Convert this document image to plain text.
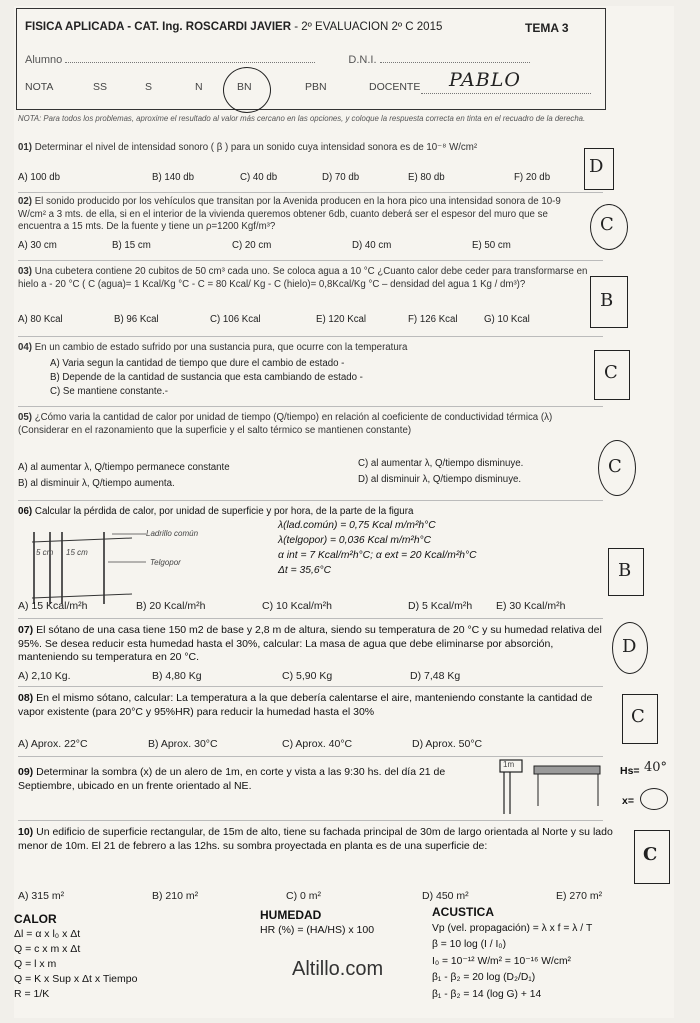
FISICA APLICADA - CAT. Ing. ROSCARDI JAVIER - 2º EVALUACION 2º C 2015	TEMA 3
Alumno	D.N.I.
NOTA	SS	S	N	BN	PBN	DOCENTE PABLO
NOTA: Para todos los problemas, aproxime el resultado al valor más cercano en las opciones, y coloque la respuesta correcta en tinta en el recuadro de la derecha.

01) Determinar el nivel de intensidad sonoro ( β ) para un sonido cuya intensidad sonora es de 10⁻⁸ W/cm²

A) 100 db	B) 140 db	C) 40 db	D) 70 db	E) 80 db	F) 20 db
D

02) El sonido producido por los vehículos que transitan por la Avenida producen en la hora pico una intensidad sonora de 10-9 W/cm² a 3 mts. de ella, si en el interior de la vivienda queremos obtener 6db, cuanto deberá ser el espesor del muro que se encuentra a 15 mts. De la fuente y tiene un ρ=1200 Kgf/m³?

A) 30 cm	B) 15 cm	C) 20 cm	D) 40 cm	E) 50 cm
C

03) Una cubetera contiene 20 cubitos de 50 cm³ cada uno. Se coloca agua a 10 °C ¿Cuanto calor debe ceder para transformarse en hielo a - 20 °C ( C (agua)= 1 Kcal/Kg °C - C = 80 Kcal/ Kg - C (hielo)= 0,8Kcal/Kg °C – densidad del agua 1 Kg / dm³)?

A) 80 Kcal	B) 96 Kcal	C) 106 Kcal	E) 120 Kcal	F) 126 Kcal	G) 10 Kcal
B

04) En un cambio de estado sufrido por una sustancia pura, que ocurre con la temperatura

A) Varia segun la cantidad de tiempo que dure el cambio de estado -
B) Depende de la cantidad de sustancia que esta cambiando de estado -
C) Se mantiene constante.-
C

05) ¿Cómo varia la cantidad de calor por unidad de tiempo (Q/tiempo) en relación al coeficiente de conductividad térmica (λ) (Considerar en el razonamiento que la superficie y el salto térmico se mantienen constante)

A) al aumentar λ, Q/tiempo permanece constante	C) al aumentar λ, Q/tiempo disminuye.
B) al disminuir λ, Q/tiempo aumenta.	D) al disminuir λ, Q/tiempo disminuye.
C

06) Calcular la pérdida de calor, por unidad de superficie y por hora, de la parte de la figura

Ladrillo común
Telgopor
5 cm 15 cm
λ(lad.común) = 0,75 Kcal m/m²h°C
λ(telgopor) = 0,036 Kcal m/m²h°C
α int = 7 Kcal/m²h°C; α ext = 20 Kcal/m²h°C
Δt = 35,6°C
A) 15 Kcal/m²h	B) 20 Kcal/m²h	C) 10 Kcal/m²h	D) 5 Kcal/m²h E) 30 Kcal/m²h
B

07) El sótano de una casa tiene 150 m2 de base y 2,8 m de altura, siendo su temperatura de 20 °C y su humedad relativa del 95%. Se desea reducir esta humedad hasta el 30%, calcular: La masa de agua que debe eliminarse por absorción, manteniendo su temperatura en 20 °C.

A) 2,10 Kg.	B) 4,80 Kg	C) 5,90 Kg	D) 7,48 Kg
D

08) En el mismo sótano, calcular: La temperatura a la que debería calentarse el aire, manteniendo constante la cantidad de vapor existente (para 20°C y 95%HR) para reducir la humedad hasta el 30%

A) Aprox. 22°C	B) Aprox. 30°C	C) Aprox. 40°C	D) Aprox. 50°C
C

09) Determinar la sombra (x) de un alero de 1m, en corte y vista a las 9:30 hs. del día 21 de Septiembre, ubicado en un frente orientado al NE.

1m
Hs= 40°
x=

10) Un edificio de superficie rectangular, de 15m de alto, tiene su fachada principal de 30m de largo orientada al Norte y su lado menor de 10m. El 21 de febrero a las 12hs. su sombra proyectada en planta es de una superficie de:

A) 315 m²	B) 210 m²	C) 0 m²	D) 450 m²	E) 270 m²
C
CALOR
Δl = α x l₀ x Δt
Q = c x m x Δt
Q = l x m
Q = K x Sup x Δt x Tiempo
R = 1/K
HUMEDAD
HR (%) = (HA/HS) x 100
ACUSTICA
Vp (vel. propagación) = λ x f = λ / T
β = 10 log (I / I₀)
I₀ = 10⁻¹² W/m² = 10⁻¹⁶ W/cm²
β₁ - β₂ = 20 log (D₂/D₁)
β₁ - β₂ = 14 (log G) + 14
Altillo.com
